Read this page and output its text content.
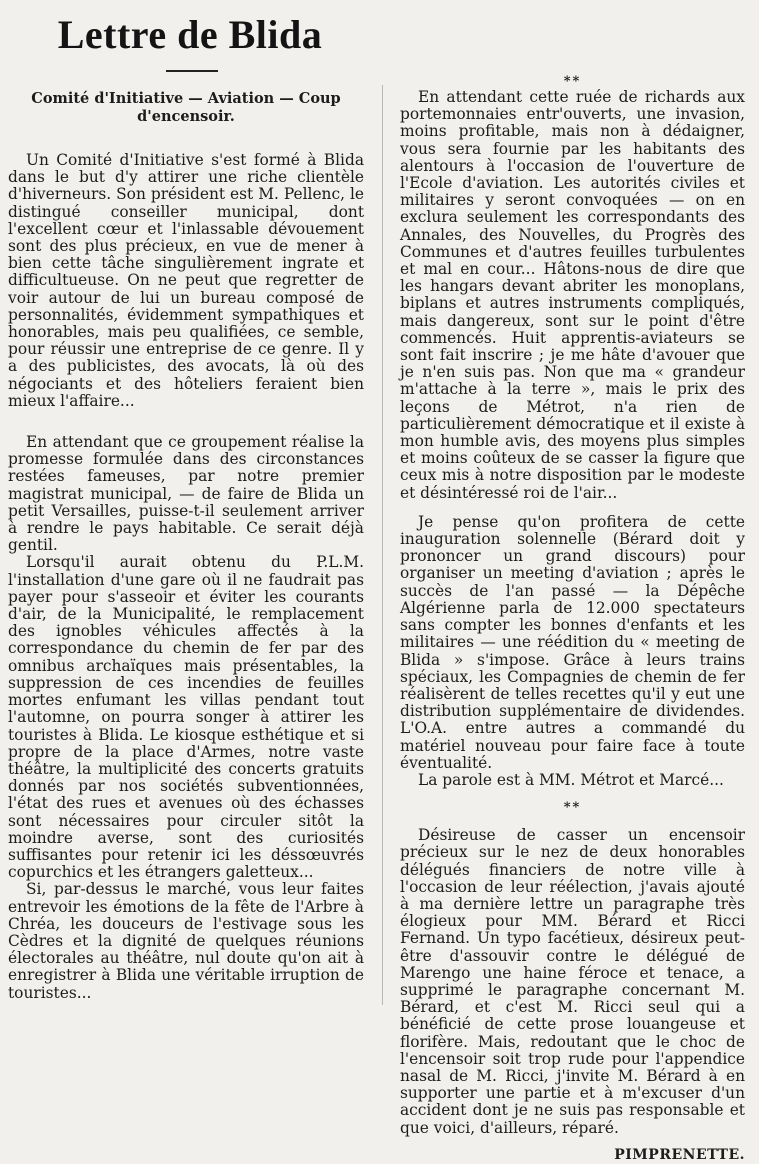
Lettre de Blida
Comité d'Initiative — Aviation — Coup d'encensoir.

Un Comité d'Initiative s'est formé à Blida dans le but d'y attirer une riche clientèle d'hiverneurs. Son président est M. Pellenc, le distingué conseiller municipal, dont l'excellent cœur et l'inlassable dévouement sont des plus précieux, en vue de mener à bien cette tâche singulièrement ingrate et difficultueuse. On ne peut que regretter de voir autour de lui un bureau composé de personnalités, évidemment sympathiques et honorables, mais peu qualifiées, ce semble, pour réussir une entreprise de ce genre. Il y a des publicistes, des avocats, là où des négociants et des hôteliers feraient bien mieux l'affaire...

En attendant que ce groupement réalise la promesse formulée dans des circonstances restées fameuses, par notre premier magistrat municipal, — de faire de Blida un petit Versailles, puisse-t-il seulement arriver à rendre le pays habitable. Ce serait déjà gentil.

Lorsqu'il aurait obtenu du P.L.M. l'installation d'une gare où il ne faudrait pas payer pour s'asseoir et éviter les courants d'air, de la Municipalité, le remplacement des ignobles véhicules affectés à la correspondance du chemin de fer par des omnibus archaïques mais présentables, la suppression de ces incendies de feuilles mortes enfumant les villas pendant tout l'automne, on pourra songer à attirer les touristes à Blida. Le kiosque esthétique et si propre de la place d'Armes, notre vaste théâtre, la multiplicité des concerts gratuits donnés par nos sociétés subventionnées, l'état des rues et avenues où des échasses sont nécessaires pour circuler sitôt la moindre averse, sont des curiosités suffisantes pour retenir ici les déssœuvrés copurchics et les étrangers galetteux...

Si, par-dessus le marché, vous leur faites entrevoir les émotions de la fête de l'Arbre à Chréa, les douceurs de l'estivage sous les Cèdres et la dignité de quelques réunions électorales au théâtre, nul doute qu'on ait à enregistrer à Blida une véritable irruption de touristes...

**

En attendant cette ruée de richards aux portemonnaies entr'ouverts, une invasion, moins profitable, mais non à dédaigner, vous sera fournie par les habitants des alentours à l'occasion de l'ouverture de l'Ecole d'aviation. Les autorités civiles et militaires y seront convoquées — on en exclura seulement les correspondants des Annales, des Nouvelles, du Progrès des Communes et d'autres feuilles turbulentes et mal en cour... Hâtons-nous de dire que les hangars devant abriter les monoplans, biplans et autres instruments compliqués, mais dangereux, sont sur le point d'être commencés. Huit apprentis-aviateurs se sont fait inscrire ; je me hâte d'avouer que je n'en suis pas. Non que ma « grandeur m'attache à la terre », mais le prix des leçons de Métrot, n'a rien de particulièrement démocratique et il existe à mon humble avis, des moyens plus simples et moins coûteux de se casser la figure que ceux mis à notre disposition par le modeste et désintéressé roi de l'air...

Je pense qu'on profitera de cette inauguration solennelle (Bérard doit y prononcer un grand discours) pour organiser un meeting d'aviation ; après le succès de l'an passé — la Dépêche Algérienne parla de 12.000 spectateurs sans compter les bonnes d'enfants et les militaires — une réédition du « meeting de Blida » s'impose. Grâce à leurs trains spéciaux, les Compagnies de chemin de fer réalisèrent de telles recettes qu'il y eut une distribution supplémentaire de dividendes. L'O.A. entre autres a commandé du matériel nouveau pour faire face à toute éventualité.

La parole est à MM. Métrot et Marcé...

**

Désireuse de casser un encensoir précieux sur le nez de deux honorables délégués financiers de notre ville à l'occasion de leur réélection, j'avais ajouté à ma dernière lettre un paragraphe très élogieux pour MM. Bérard et Ricci Fernand. Un typo facétieux, désireux peut-être d'assouvir contre le délégué de Marengo une haine féroce et tenace, a supprimé le paragraphe concernant M. Bérard, et c'est M. Ricci seul qui a bénéficié de cette prose louangeuse et florifère. Mais, redoutant que le choc de l'encensoir soit trop rude pour l'appendice nasal de M. Ricci, j'invite M. Bérard à en supporter une partie et à m'excuser d'un accident dont je ne suis pas responsable et que voici, d'ailleurs, réparé.

PIMPRENETTE.
